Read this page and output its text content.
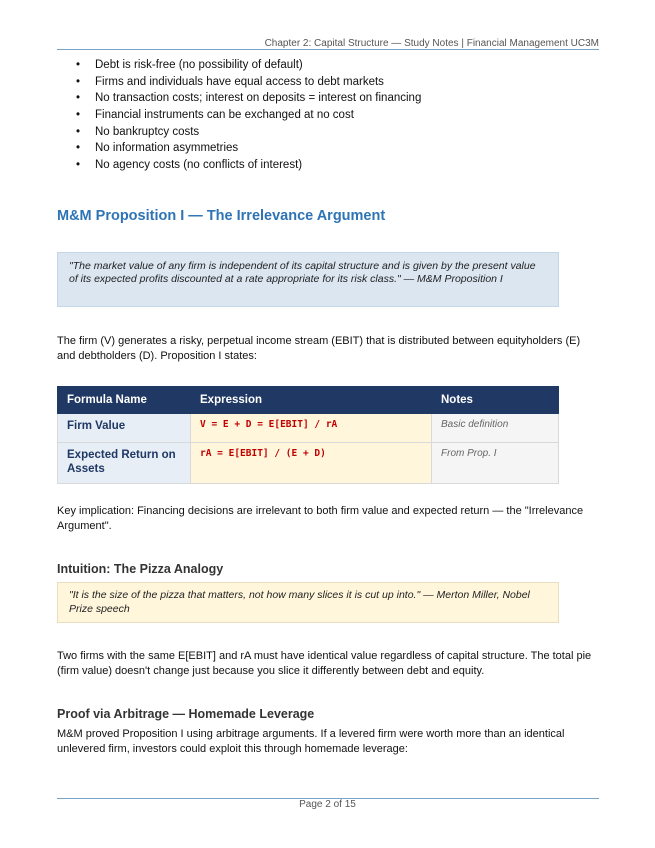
Chapter 2: Capital Structure — Study Notes | Financial Management UC3M
• Debt is risk-free (no possibility of default)
• Firms and individuals have equal access to debt markets
• No transaction costs; interest on deposits = interest on financing
• Financial instruments can be exchanged at no cost
• No bankruptcy costs
• No information asymmetries
• No agency costs (no conflicts of interest)
M&M Proposition I — The Irrelevance Argument
"The market value of any firm is independent of its capital structure and is given by the present value of its expected profits discounted at a rate appropriate for its risk class." — M&M Proposition I

The firm (V) generates a risky, perpetual income stream (EBIT) that is distributed between equityholders (E) and debtholders (D). Proposition I states:

Formula Name	Expression	Notes
Firm Value	V = E + D = E[EBIT] / rA	Basic definition
Expected Return on Assets	rA = E[EBIT] / (E + D)	From Prop. I

Key implication: Financing decisions are irrelevant to both firm value and expected return — the "Irrelevance Argument".

Intuition: The Pizza Analogy
"It is the size of the pizza that matters, not how many slices it is cut up into." — Merton Miller, Nobel Prize speech

Two firms with the same E[EBIT] and rA must have identical value regardless of capital structure. The total pie (firm value) doesn't change just because you slice it differently between debt and equity.

Proof via Arbitrage — Homemade Leverage

M&M proved Proposition I using arbitrage arguments. If a levered firm were worth more than an identical unlevered firm, investors could exploit this through homemade leverage:

Page 2 of 15
